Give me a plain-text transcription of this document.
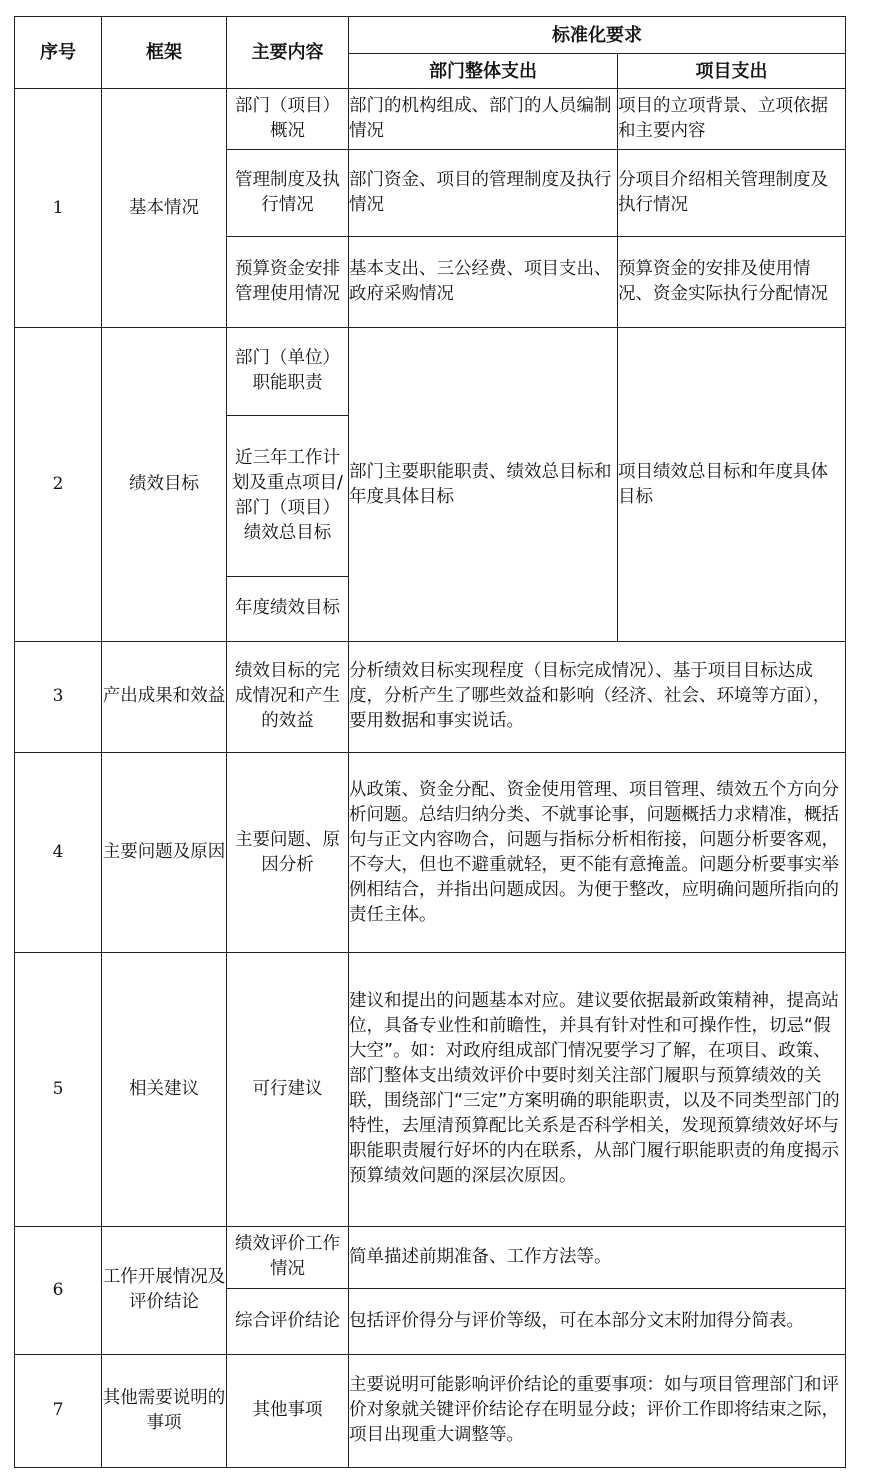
序号	框架	主要内容	标准化要求	
			部门整体支出	项目支出
1	基本情况	部门（项目）概况	部门的机构组成、部门的人员编制情况	项目的立项背景、立项依据和主要内容
		管理制度及执行情况	部门资金、项目的管理制度及执行情况	分项目介绍相关管理制度及执行情况
		预算资金安排管理使用情况	基本支出、三公经费、项目支出、政府采购情况	预算资金的安排及使用情况、资金实际执行分配情况
2	绩效目标	部门（单位）职能职责	部门主要职能职责、绩效总目标和年度具体目标	项目绩效总目标和年度具体目标
		近三年工作计划及重点项目/部门（项目）绩效总目标		
		年度绩效目标		
3	产出成果和效益	绩效目标的完成情况和产生的效益	分析绩效目标实现程度（目标完成情况）、基于项目目标达成度，分析产生了哪些效益和影响（经济、社会、环境等方面），要用数据和事实说话。	
4	主要问题及原因	主要问题、原因分析	从政策、资金分配、资金使用管理、项目管理、绩效五个方向分析问题。总结归纳分类、不就事论事，问题概括力求精准，概括句与正文内容吻合，问题与指标分析相衔接，问题分析要客观，不夸大，但也不避重就轻，更不能有意掩盖。问题分析要事实举例相结合，并指出问题成因。为便于整改，应明确问题所指向的责任主体。	
5	相关建议	可行建议	建议和提出的问题基本对应。建议要依据最新政策精神，提高站位，具备专业性和前瞻性，并具有针对性和可操作性，切忌“假大空”。如：对政府组成部门情况要学习了解，在项目、政策、部门整体支出绩效评价中要时刻关注部门履职与预算绩效的关联，围绕部门“三定”方案明确的职能职责，以及不同类型部门的特性，去厘清预算配比关系是否科学相关，发现预算绩效好坏与职能职责履行好坏的内在联系，从部门履行职能职责的角度揭示预算绩效问题的深层次原因。	
6	工作开展情况及评价结论	绩效评价工作情况	简单描述前期准备、工作方法等。	
		综合评价结论	包括评价得分与评价等级，可在本部分文末附加得分简表。	
7	其他需要说明的事项	其他事项	主要说明可能影响评价结论的重要事项：如与项目管理部门和评价对象就关键评价结论存在明显分歧；评价工作即将结束之际，项目出现重大调整等。	
